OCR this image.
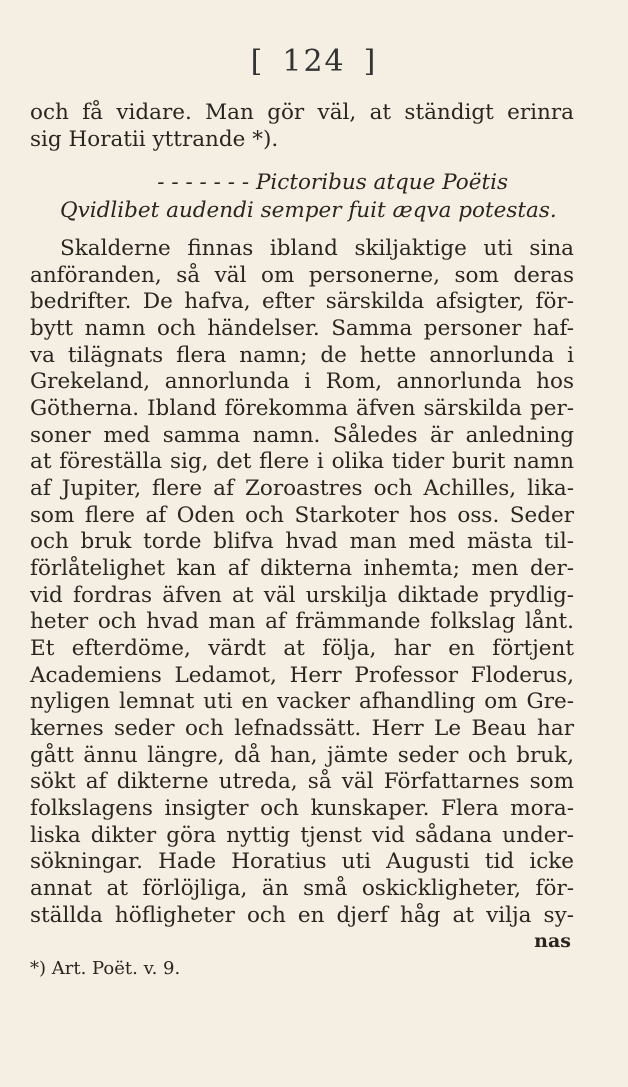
[ 124 ]
och få vidare. Man gör väl, at ständigt erinra
sig Horatii yttrande *).
- - - - - - - Pictoribus atque Poëtis
Qvidlibet audendi semper fuit æqva potestas.
Skalderne finnas ibland skiljaktige uti sina
anföranden, så väl om personerne, som deras
bedrifter. De hafva, efter särskilda afsigter, för-
bytt namn och händelser. Samma personer haf-
va tilägnats flera namn; de hette annorlunda i
Grekeland, annorlunda i Rom, annorlunda hos
Götherna. Ibland förekomma äfven särskilda per-
soner med samma namn. Således är anledning
at föreställa sig, det flere i olika tider burit namn
af Jupiter, flere af Zoroastres och Achilles, lika-
som flere af Oden och Starkoter hos oss. Seder
och bruk torde blifva hvad man med mästa til-
förlåtelighet kan af dikterna inhemta; men der-
vid fordras äfven at väl urskilja diktade prydlig-
heter och hvad man af främmande folkslag lånt.
Et efterdöme, värdt at följa, har en förtjent
Academiens Ledamot, Herr Professor Floderus,
nyligen lemnat uti en vacker afhandling om Gre-
kernes seder och lefnadssätt. Herr Le Beau har
gått ännu längre, då han, jämte seder och bruk,
sökt af dikterne utreda, så väl Författarnes som
folkslagens insigter och kunskaper. Flera mora-
liska dikter göra nyttig tjenst vid sådana under-
sökningar. Hade Horatius uti Augusti tid icke
annat at förlöjliga, än små oskickligheter, för-
ställda höfligheter och en djerf håg at vilja sy-
nas
*) Art. Poët. v. 9.
